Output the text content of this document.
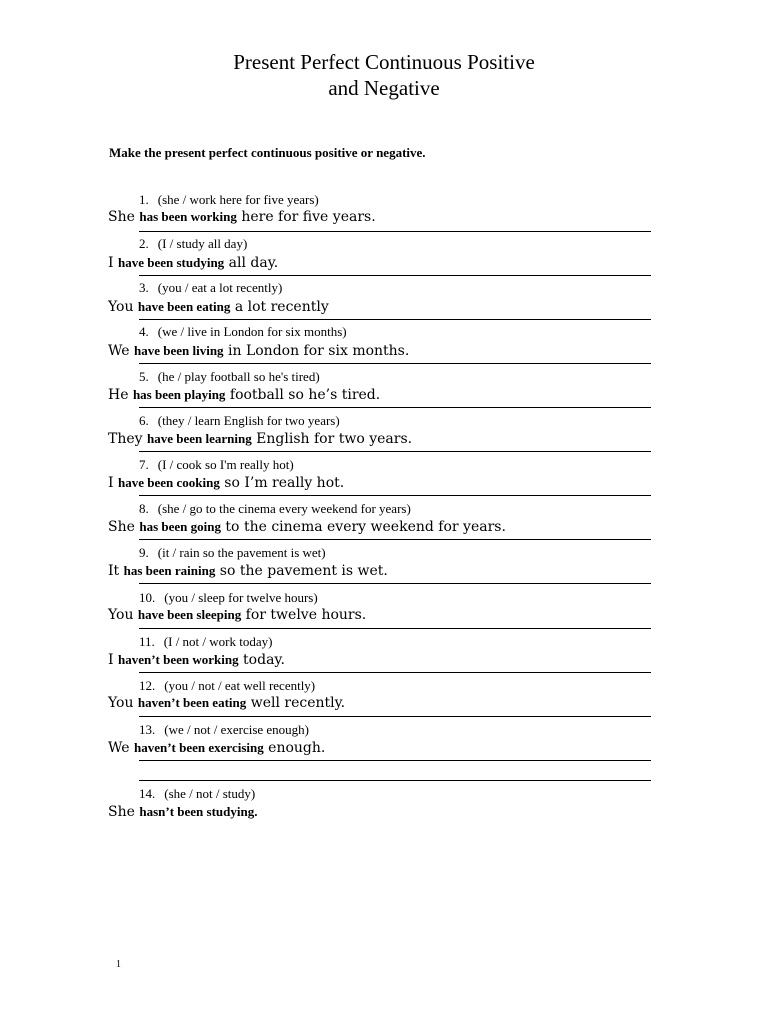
Present Perfect Continuous Positive
and Negative
Make the present perfect continuous positive or negative.
1. (she / work here for five years)
She has been working here for five years.
2. (I / study all day)
I have been studying all day.
3. (you / eat a lot recently)
You have been eating a lot recently
4. (we / live in London for six months)
We have been living in London for six months.
5. (he / play football so he's tired)
He has been playing football so he’s tired.
6. (they / learn English for two years)
They have been learning English for two years.
7. (I / cook so I'm really hot)
I have been cooking so I’m really hot.
8. (she / go to the cinema every weekend for years)
She has been going to the cinema every weekend for years.
9. (it / rain so the pavement is wet)
It has been raining so the pavement is wet.
10. (you / sleep for twelve hours)
You have been sleeping for twelve hours.
11. (I / not / work today)
I haven’t been working today.
12. (you / not / eat well recently)
You haven’t been eating well recently.
13. (we / not / exercise enough)
We haven’t been exercising enough.
14. (she / not / study)
She hasn’t been studying.
1
